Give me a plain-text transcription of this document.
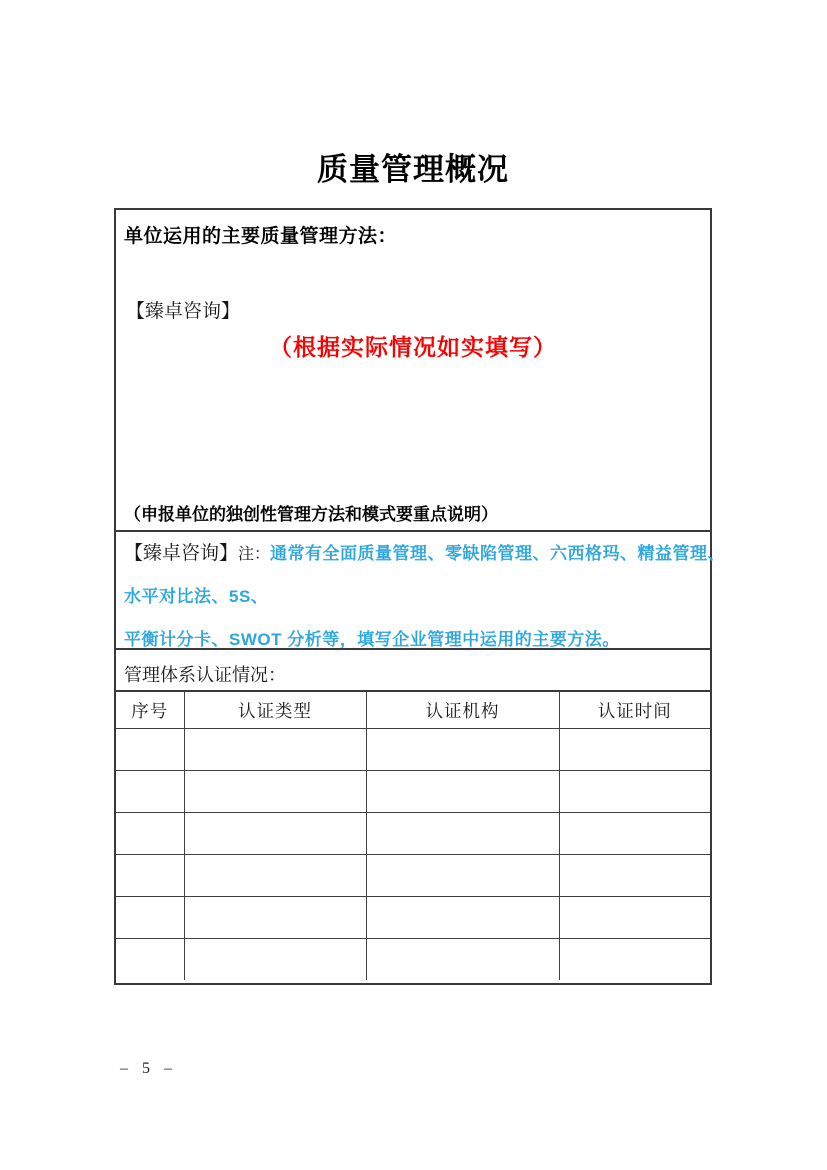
质量管理概况
单位运用的主要质量管理方法：
【臻卓咨询】
（根据实际情况如实填写）
（申报单位的独创性管理方法和模式要重点说明）
【臻卓咨询】注：通常有全面质量管理、零缺陷管理、六西格玛、精益管理、
水平对比法、5S、
平衡计分卡、SWOT 分析等，填写企业管理中运用的主要方法。
管理体系认证情况：
序号	认证类型	认证机构	认证时间

– 5 –
